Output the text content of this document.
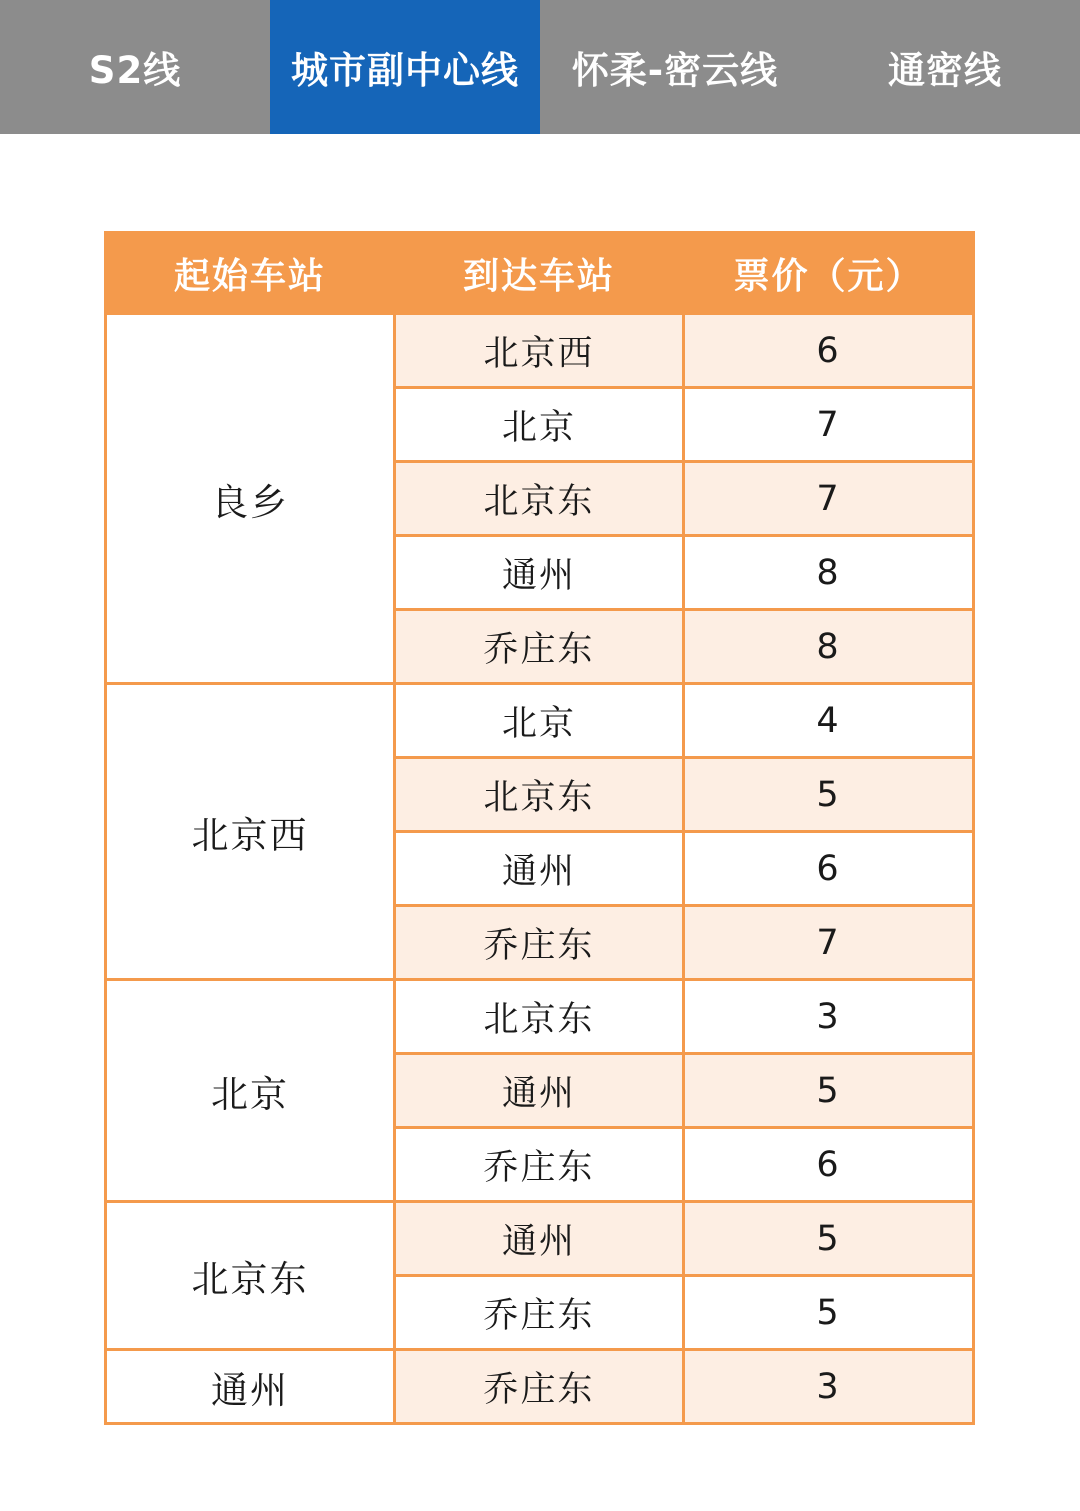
S2线	城市副中心线	怀柔-密云线	通密线
起始车站	到达车站	票价（元）
良乡	北京西	6
	北京	7
	北京东	7
	通州	8
	乔庄东	8
北京西	北京	4
	北京东	5
	通州	6
	乔庄东	7
北京	北京东	3
	通州	5
	乔庄东	6
北京东	通州	5
	乔庄东	5
通州	乔庄东	3
